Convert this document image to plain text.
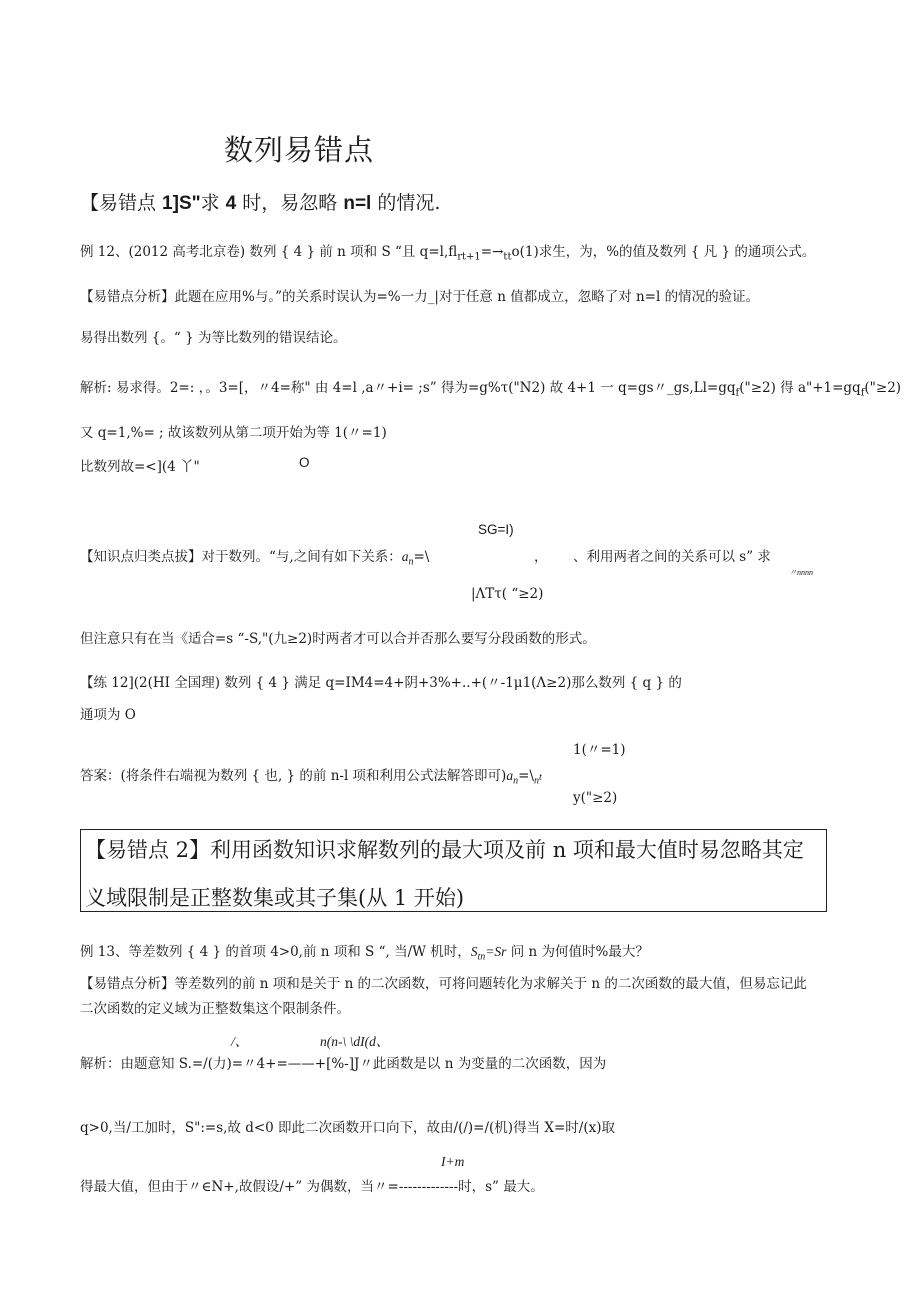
数列易错点
【易错点 1]S"求 4 时，易忽略 n=l 的情况.
例 12、(2012 高考北京卷) 数列 { 4 } 前 n 项和 S “且 $q=l,fl_{rt+1}=\to_{tt}o(1)$求生，为，%的值及数列 { 凡 } 的通项公式。
【易错点分析】此题在应用%与。”的关系时误认为=%一力_|对于任意 n 值都成立，忽略了对 n=l 的情况的验证。
易得出数列 {。“ } 为等比数列的错误结论。
解析: 易求得。2=: ，。3=[，〃4=称" 由 4=l ,a〃+i= ;s” 得为=g%τ("N2) 故 4+1 一 q=gs〃$\_gs,Ll=gq_f("\ge 2)$ 得 $a"+1=gq_f("\ge 2)$
又 q=1,%= ; 故该数列从第二项开始为等 1(〃=1)
比数列故=<](4 丫"	O
SG=I)
【知识点归类点拔】对于数列。“与,之间有如下关系：$a_n=\backslash$	， 、利用两者之间的关系可以 s” 求
〃nnnn
|ΛΤτ( “≥2)
但注意只有在当《适合=s “-S,"(九≥2)时两者才可以合并否那么要写分段函数的形式。
【练 12](2(HI 全国理) 数列 { 4 } 满足 q=IM4=4+阴+3%+..+(〃-1μ1(Λ≥2)那么数列 { q } 的
通项为 O
1(〃=1)
答案：(将条件右端视为数列 { 也, } 的前 n-l 项和利用公式法解答即可)$a_n=\backslash_nt$
y("≥2)
【易错点 2】利用函数知识求解数列的最大项及前 n 项和最大值时易忽略其定
义域限制是正整数集或其子集(从 1 开始)
例 13、等差数列 { 4 } 的首项 4>0,前 n 项和 S “, 当/W 机时，$S_{tn}=Sr$ 问 n 为何值时%最大？
【易错点分析】等差数列的前 n 项和是关于 n 的二次函数，可将问题转化为求解关于 n 的二次函数的最大值，但易忘记此
二次函数的定义域为正整数集这个限制条件。
/、	n(n-\ \dI(d、
解析：由题意知 S.=/(力)=〃4+=——+[%-]J〃此函数是以 n 为变量的二次函数，因为
q>0,当/工加时，S":=s,故 d<0 即此二次函数开口向下，故由/(/)=/(机)得当 X=时/(x)取
I+m
得最大值，但由于〃∈N+,故假设/+” 为偶数，当〃=-------------时，s” 最大。
